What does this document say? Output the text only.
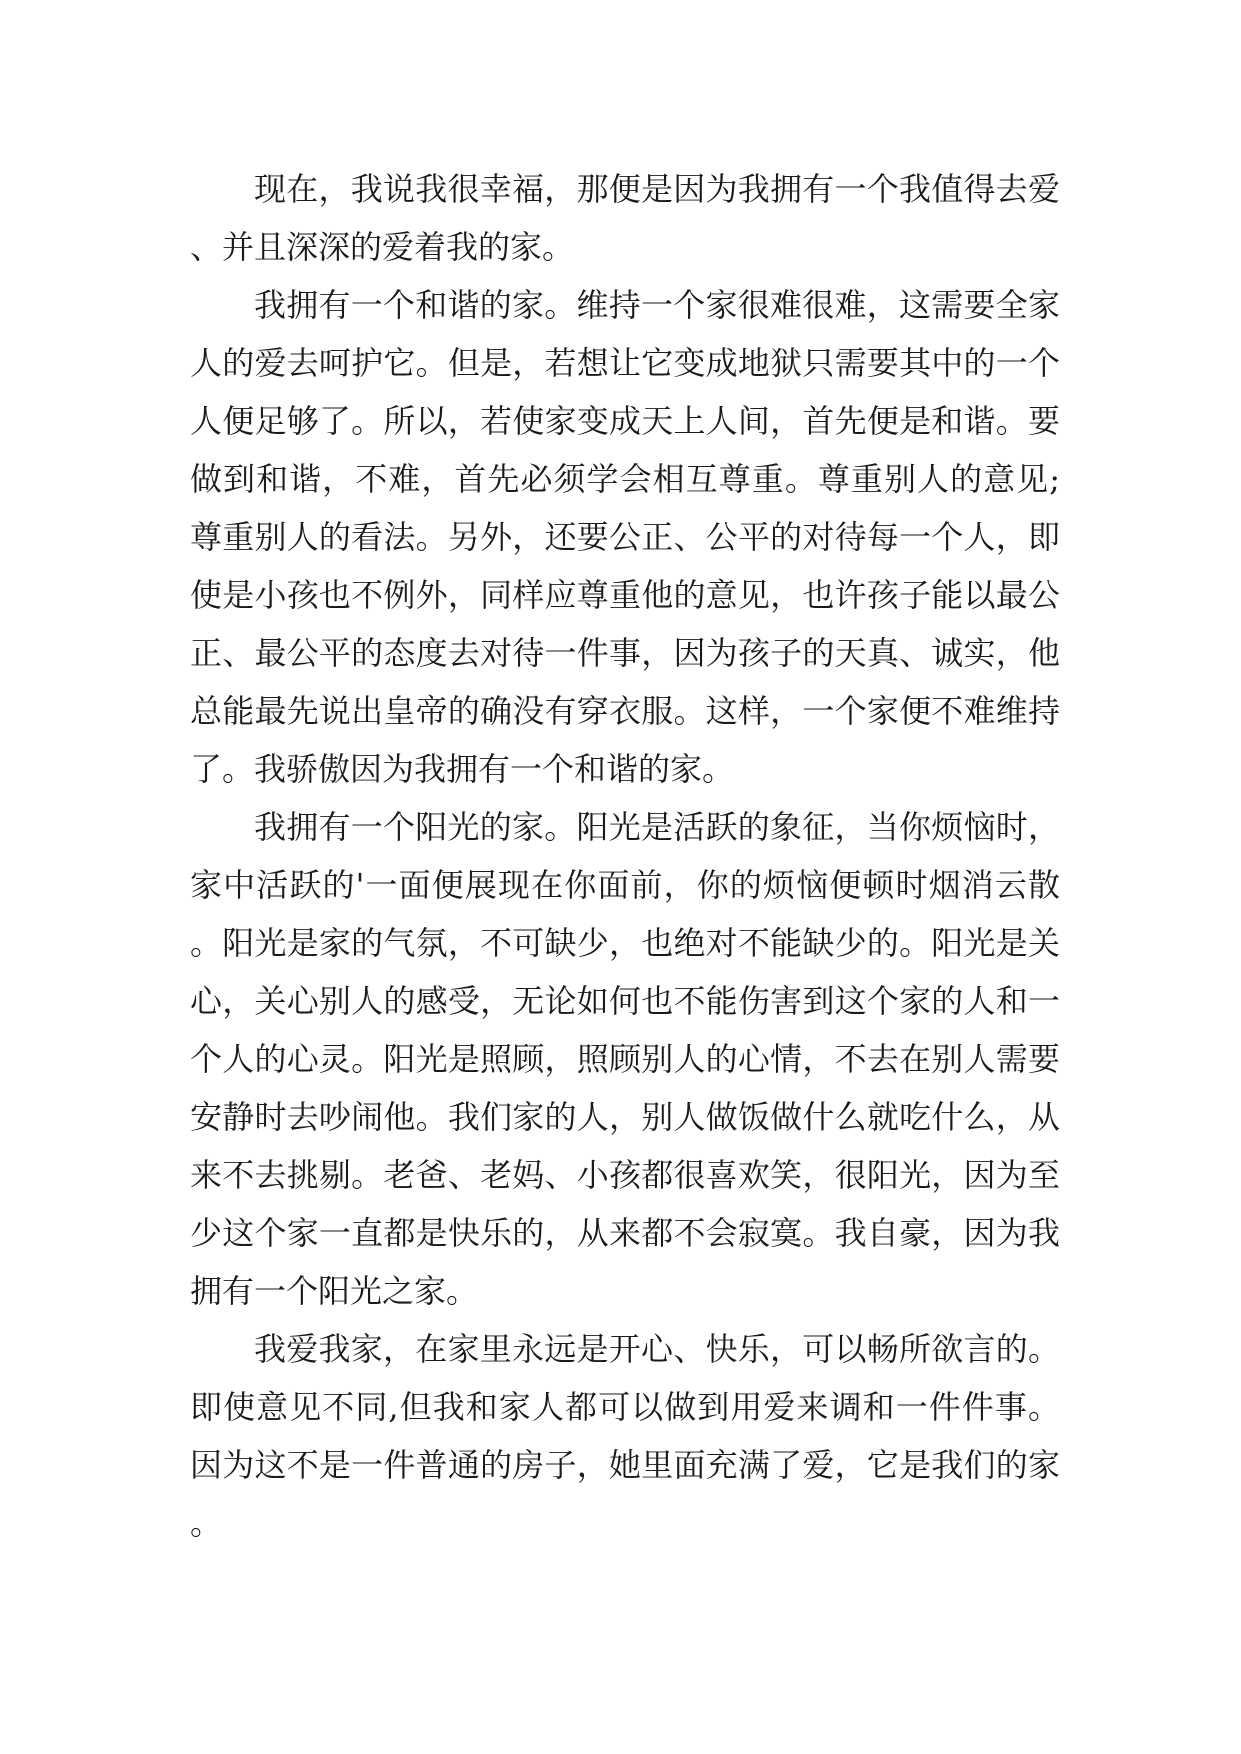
现在，我说我很幸福，那便是因为我拥有一个我值得去爱、并且深深的爱着我的家。

我拥有一个和谐的家。维持一个家很难很难，这需要全家人的爱去呵护它。但是，若想让它变成地狱只需要其中的一个人便足够了。所以，若使家变成天上人间，首先便是和谐。要做到和谐，不难，首先必须学会相互尊重。尊重别人的意见;尊重别人的看法。另外，还要公正、公平的对待每一个人，即使是小孩也不例外，同样应尊重他的意见，也许孩子能以最公正、最公平的态度去对待一件事，因为孩子的天真、诚实，他总能最先说出皇帝的确没有穿衣服。这样，一个家便不难维持了。我骄傲因为我拥有一个和谐的家。

我拥有一个阳光的家。阳光是活跃的象征，当你烦恼时，家中活跃的'一面便展现在你面前，你的烦恼便顿时烟消云散。阳光是家的气氛，不可缺少，也绝对不能缺少的。阳光是关心，关心别人的感受，无论如何也不能伤害到这个家的人和一个人的心灵。阳光是照顾，照顾别人的心情，不去在别人需要安静时去吵闹他。我们家的人，别人做饭做什么就吃什么，从来不去挑剔。老爸、老妈、小孩都很喜欢笑，很阳光，因为至少这个家一直都是快乐的，从来都不会寂寞。我自豪，因为我拥有一个阳光之家。

我爱我家，在家里永远是开心、快乐，可以畅所欲言的。即使意见不同,但我和家人都可以做到用爱来调和一件件事。因为这不是一件普通的房子，她里面充满了爱，它是我们的家。
